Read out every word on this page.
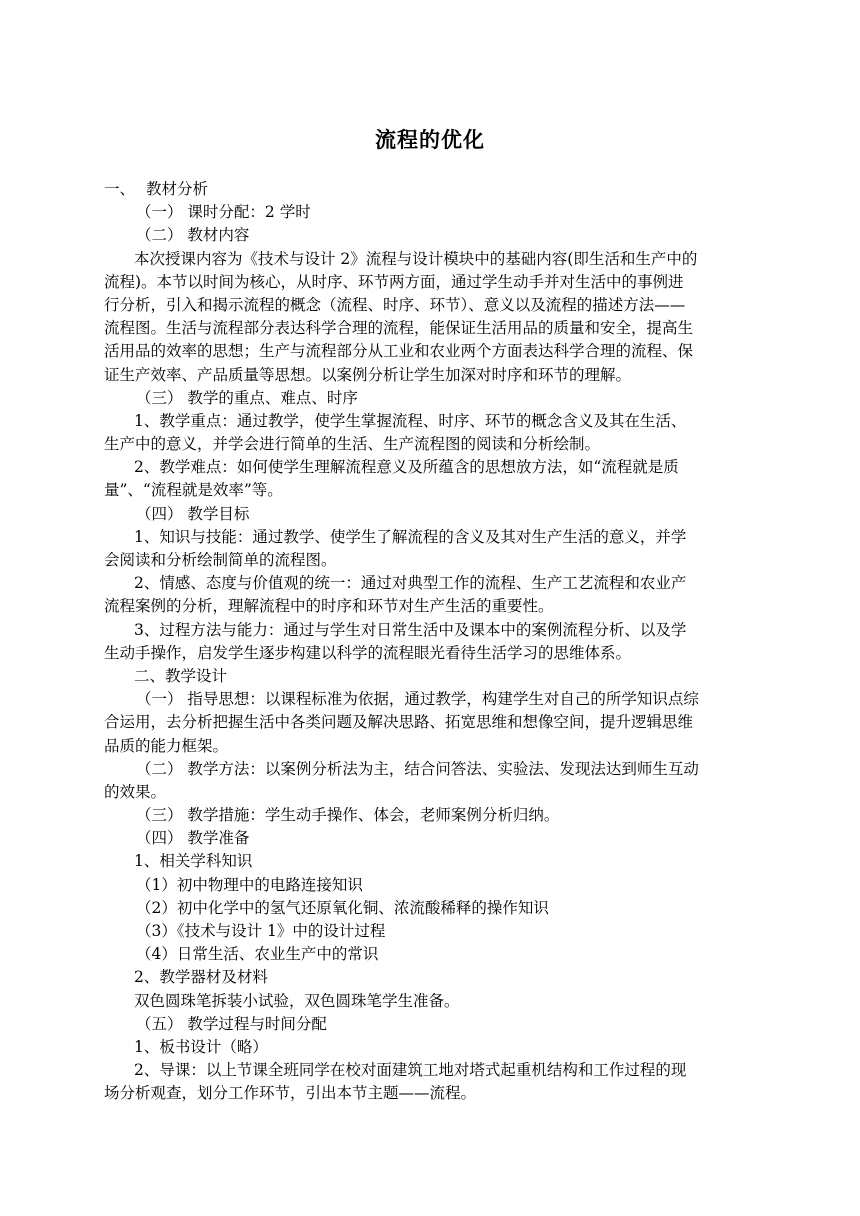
流程的优化
一、 教材分析
（一） 课时分配：2 学时
（二） 教材内容
本次授课内容为《技术与设计 2》流程与设计模块中的基础内容(即生活和生产中的
流程)。本节以时间为核心，从时序、环节两方面，通过学生动手并对生活中的事例进
行分析，引入和揭示流程的概念（流程、时序、环节）、意义以及流程的描述方法——
流程图。生活与流程部分表达科学合理的流程，能保证生活用品的质量和安全，提高生
活用品的效率的思想；生产与流程部分从工业和农业两个方面表达科学合理的流程、保
证生产效率、产品质量等思想。以案例分析让学生加深对时序和环节的理解。
（三） 教学的重点、难点、时序
1、教学重点：通过教学，使学生掌握流程、时序、环节的概念含义及其在生活、
生产中的意义，并学会进行简单的生活、生产流程图的阅读和分析绘制。
2、教学难点：如何使学生理解流程意义及所蕴含的思想放方法，如“流程就是质
量”、“流程就是效率”等。
（四） 教学目标
1、知识与技能：通过教学、使学生了解流程的含义及其对生产生活的意义，并学
会阅读和分析绘制简单的流程图。
2、情感、态度与价值观的统一：通过对典型工作的流程、生产工艺流程和农业产
流程案例的分析，理解流程中的时序和环节对生产生活的重要性。
3、过程方法与能力：通过与学生对日常生活中及课本中的案例流程分析、以及学
生动手操作，启发学生逐步构建以科学的流程眼光看待生活学习的思维体系。
二、教学设计
（一） 指导思想：以课程标准为依据，通过教学，构建学生对自己的所学知识点综
合运用，去分析把握生活中各类问题及解决思路、拓宽思维和想像空间，提升逻辑思维
品质的能力框架。
（二） 教学方法：以案例分析法为主，结合问答法、实验法、发现法达到师生互动
的效果。
（三） 教学措施：学生动手操作、体会，老师案例分析归纳。
（四） 教学准备
1、相关学科知识
（1）初中物理中的电路连接知识
（2）初中化学中的氢气还原氧化铜、浓流酸稀释的操作知识
（3）《技术与设计 1》中的设计过程
（4）日常生活、农业生产中的常识
2、教学器材及材料
双色圆珠笔拆装小试验，双色圆珠笔学生准备。
（五） 教学过程与时间分配
1、板书设计（略）
2、导课：以上节课全班同学在校对面建筑工地对塔式起重机结构和工作过程的现
场分析观查，划分工作环节，引出本节主题——流程。
